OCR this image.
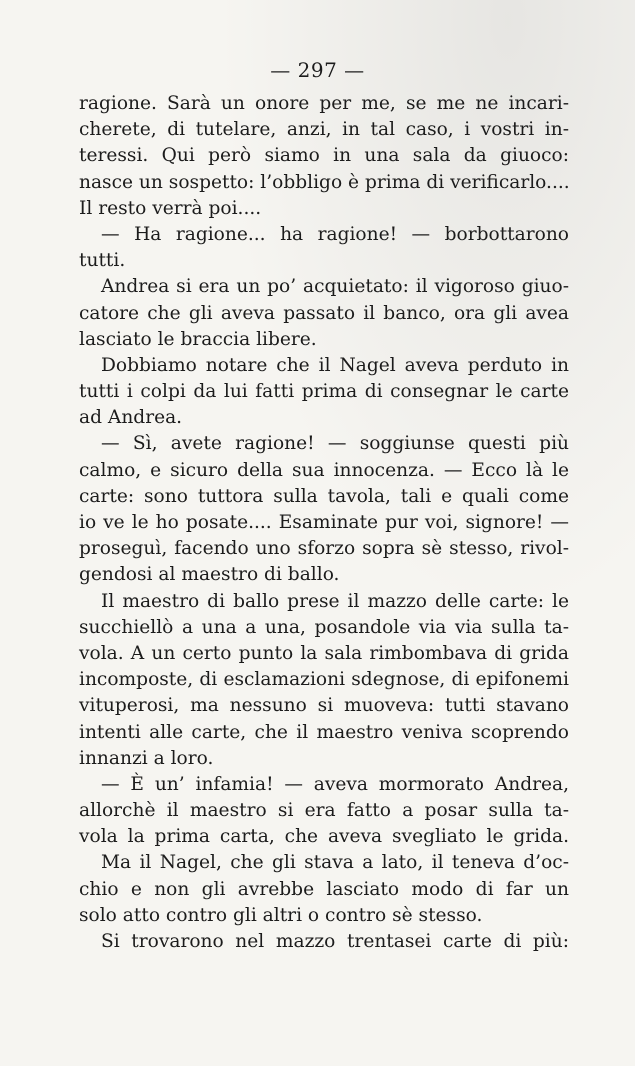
— 297 —
ragione. Sarà un onore per me, se me ne incari-
cherete, di tutelare, anzi, in tal caso, i vostri in-
teressi. Qui però siamo in una sala da giuoco:
nasce un sospetto: l’obbligo è prima di verificarlo....
Il resto verrà poi....
— Ha ragione... ha ragione! — borbottarono
tutti.
Andrea si era un po’ acquietato: il vigoroso giuo-
catore che gli aveva passato il banco, ora gli avea
lasciato le braccia libere.
Dobbiamo notare che il Nagel aveva perduto in
tutti i colpi da lui fatti prima di consegnar le carte
ad Andrea.
— Sì, avete ragione! — soggiunse questi più
calmo, e sicuro della sua innocenza. — Ecco là le
carte: sono tuttora sulla tavola, tali e quali come
io ve le ho posate.... Esaminate pur voi, signore! —
proseguì, facendo uno sforzo sopra sè stesso, rivol-
gendosi al maestro di ballo.
Il maestro di ballo prese il mazzo delle carte: le
succhiellò a una a una, posandole via via sulla ta-
vola. A un certo punto la sala rimbombava di grida
incomposte, di esclamazioni sdegnose, di epifonemi
vituperosi, ma nessuno si muoveva: tutti stavano
intenti alle carte, che il maestro veniva scoprendo
innanzi a loro.
— È un’ infamia! — aveva mormorato Andrea,
allorchè il maestro si era fatto a posar sulla ta-
vola la prima carta, che aveva svegliato le grida.
Ma il Nagel, che gli stava a lato, il teneva d’oc-
chio e non gli avrebbe lasciato modo di far un
solo atto contro gli altri o contro sè stesso.
Si trovarono nel mazzo trentasei carte di più:
